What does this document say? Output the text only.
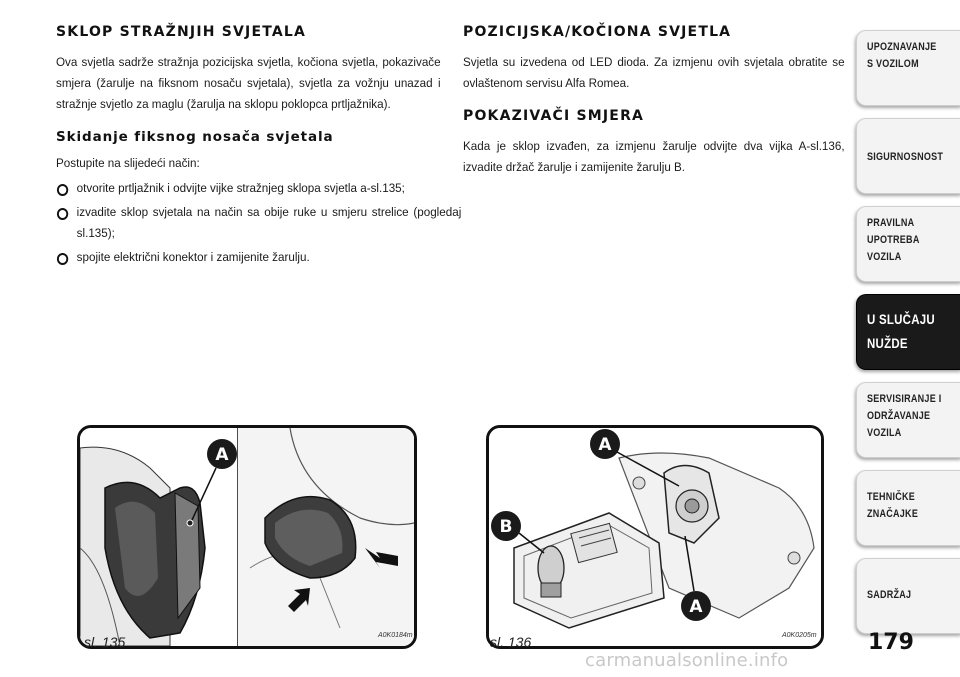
SKLOP STRAŽNJIH SVJETALA

Ova svjetla sadrže stražnja pozicijska svjetla, kočiona svjetla, pokazivače smjera (žarulje na fiksnom nosaču svjetala), svjetla za vožnju unazad i stražnje svjetlo za maglu (žarulja na sklopu poklopca prtljažnika).

Skidanje fiksnog nosača svjetala

Postupite na slijedeći način:

otvorite prtljažnik i odvijte vijke stražnjeg sklopa svjetla a-sl.135;
izvadite sklop svjetala na način sa obije ruke u smjeru strelice (pogledaj sl.135);
spojite električni konektor i zamijenite žarulju.
POZICIJSKA/KOČIONA SVJETLA

Svjetla su izvedena od LED dioda. Za izmjenu ovih svjetala obratite se ovlaštenom servisu Alfa Romea.

POKAZIVAČI SMJERA

Kada je sklop izvađen, za izmjenu žarulje odvijte dva vijka A-sl.136, izvadite držač žarulje i zamijenite žarulju B.

A
sl. 135	A0K0184m
A
B
A
sl. 136	A0K0205m
UPOZNAVANJE
S VOZILOM
SIGURNOSNOST
PRAVILNA
UPOTREBA
VOZILA
U SLUČAJU
NUŽDE
SERVISIRANJE I
ODRŽAVANJE
VOZILA
TEHNIČKE
ZNAČAJKE
SADRŽAJ
179
carmanualsonline.info
